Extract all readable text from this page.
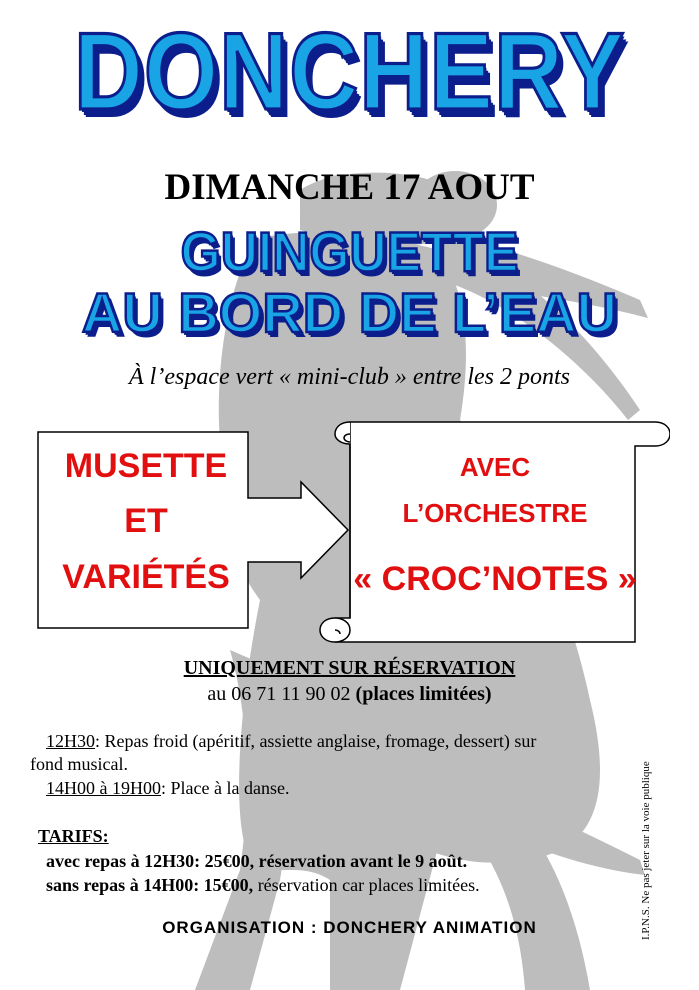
DONCHERY
DIMANCHE 17 AOUT
GUINGUETTE
AU BORD DE L’EAU
À l’espace vert « mini-club » entre les 2 ponts
MUSETTE
ET
VARIÉTÉS
AVEC
L’ORCHESTRE
« CROC’NOTES »
UNIQUEMENT SUR RÉSERVATION
au 06 71 11 90 02 (places limitées)
12H30: Repas froid (apéritif, assiette anglaise, fromage, dessert) sur
fond musical.
14H00 à 19H00: Place à la danse.
TARIFS:
avec repas à 12H30: 25€00, réservation avant le 9 août.
sans repas à 14H00: 15€00, réservation car places limitées.	I.P.N.S. Ne pas jeter sur la voie publique
ORGANISATION : DONCHERY ANIMATION
